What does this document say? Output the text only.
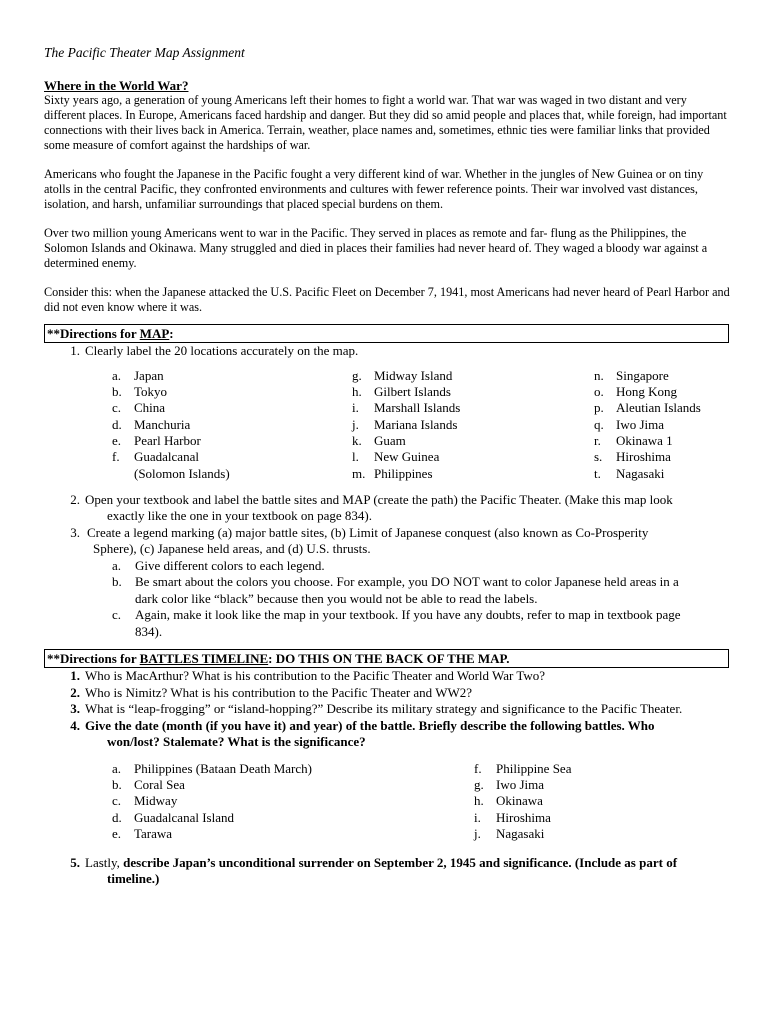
The Pacific Theater Map Assignment
Where in the World War?

Sixty years ago, a generation of young Americans left their homes to fight a world war. That war was waged in two distant and very different places. In Europe, Americans faced hardship and danger. But they did so amid people and places that, while foreign, had important connections with their lives back in America. Terrain, weather, place names and, sometimes, ethnic ties were familiar links that provided some measure of comfort against the hardships of war.

Americans who fought the Japanese in the Pacific fought a very different kind of war. Whether in the jungles of New Guinea or on tiny atolls in the central Pacific, they confronted environments and cultures with fewer reference points. Their war involved vast distances, isolation, and harsh, unfamiliar surroundings that placed special burdens on them.

Over two million young Americans went to war in the Pacific. They served in places as remote and far- flung as the Philippines, the Solomon Islands and Okinawa. Many struggled and died in places their families had never heard of. They waged a bloody war against a determined enemy.

Consider this: when the Japanese attacked the U.S. Pacific Fleet on December 7, 1941, most Americans had never heard of Pearl Harbor and did not even know where it was.

**Directions for MAP:
1. Clearly label the 20 locations accurately on the map.
a. Japan
b. Tokyo
c. China
d. Manchuria
e. Pearl Harbor
f.	Guadalcanal
(Solomon Islands)
g. Midway Island
h. Gilbert Islands
i.	Marshall Islands
j.	Mariana Islands
k. Guam
l.	New Guinea
m. Philippines
n. Singapore
o. Hong Kong
p. Aleutian Islands
q. Iwo Jima
r.	Okinawa 1
s.	Hiroshima
t.	Nagasaki
2. Open your textbook and label the battle sites and MAP (create the path) the Pacific Theater. (Make this map look
exactly like the one in your textbook on page 834).
3. Create a legend marking (a) major battle sites, (b) Limit of Japanese conquest (also known as Co-Prosperity
Sphere), (c) Japanese held areas, and (d) U.S. thrusts.
a. Give different colors to each legend.
b. Be smart about the colors you choose. For example, you DO NOT want to color Japanese held areas in a
dark color like “black” because then you would not be able to read the labels.
c. Again, make it look like the map in your textbook. If you have any doubts, refer to map in textbook page
834).
**Directions for BATTLES TIMELINE: DO THIS ON THE BACK OF THE MAP.
1. Who is MacArthur? What is his contribution to the Pacific Theater and World War Two?
2. Who is Nimitz? What is his contribution to the Pacific Theater and WW2?
3. What is “leap-frogging” or “island-hopping?” Describe its military strategy and significance to the Pacific Theater.
4. Give the date (month (if you have it) and year) of the battle. Briefly describe the following battles. Who
won/lost? Stalemate? What is the significance?
a. Philippines (Bataan Death March)
b. Coral Sea
c. Midway
d. Guadalcanal Island
e. Tarawa
f.	Philippine Sea
g. Iwo Jima
h. Okinawa
i.	Hiroshima
j.	Nagasaki
5. Lastly, describe Japan’s unconditional surrender on September 2, 1945 and significance. (Include as part of
timeline.)
